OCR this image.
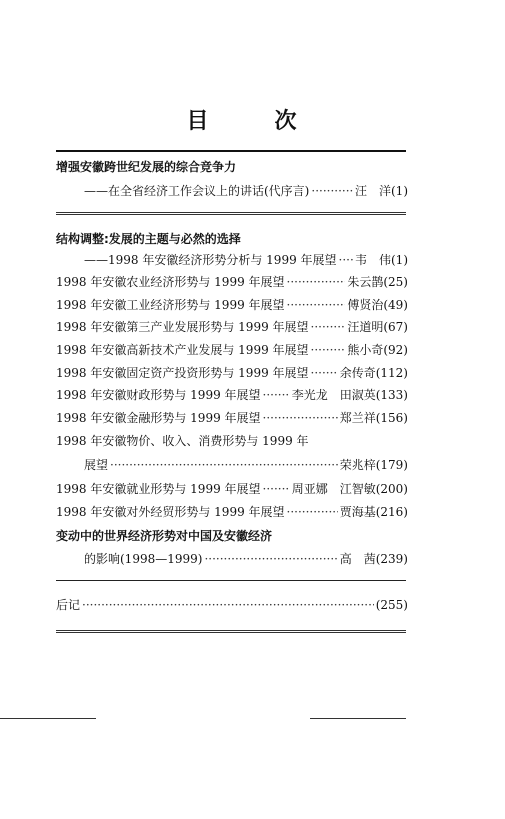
目　次
增强安徽跨世纪发展的综合竞争力
——在全省经济工作会议上的讲话(代序言) ·····	汪　洋(1)
结构调整:发展的主题与必然的选择
——1998 年安徽经济形势分析与 1999 年展望 ····· 韦　伟(1)
1998 年安徽农业经济形势与 1999 年展望 ·····	朱云鹊(25)
1998 年安徽工业经济形势与 1999 年展望 ·····	傅贤治(49)
1998 年安徽第三产业发展形势与 1999 年展望 ·····	汪道明(67)
1998 年安徽高新技术产业发展与 1999 年展望 ·····	熊小奇(92)
1998 年安徽固定资产投资形势与 1999 年展望 ·····	余传奇(112)
1998 年安徽财政形势与 1999 年展望 ·····	李光龙　田淑英(133)
1998 年安徽金融形势与 1999 年展望 ·····	郑兰祥(156)
1998 年安徽物价、收入、消费形势与 1999 年
展望 ·····	荣兆梓(179)
1998 年安徽就业形势与 1999 年展望 ·····	周亚娜　江智敏(200)
1998 年安徽对外经贸形势与 1999 年展望 ·····	贾海基(216)
变动中的世界经济形势对中国及安徽经济
的影响(1998—1999) ·····	高　茜(239)
后记 ·····	(255)
